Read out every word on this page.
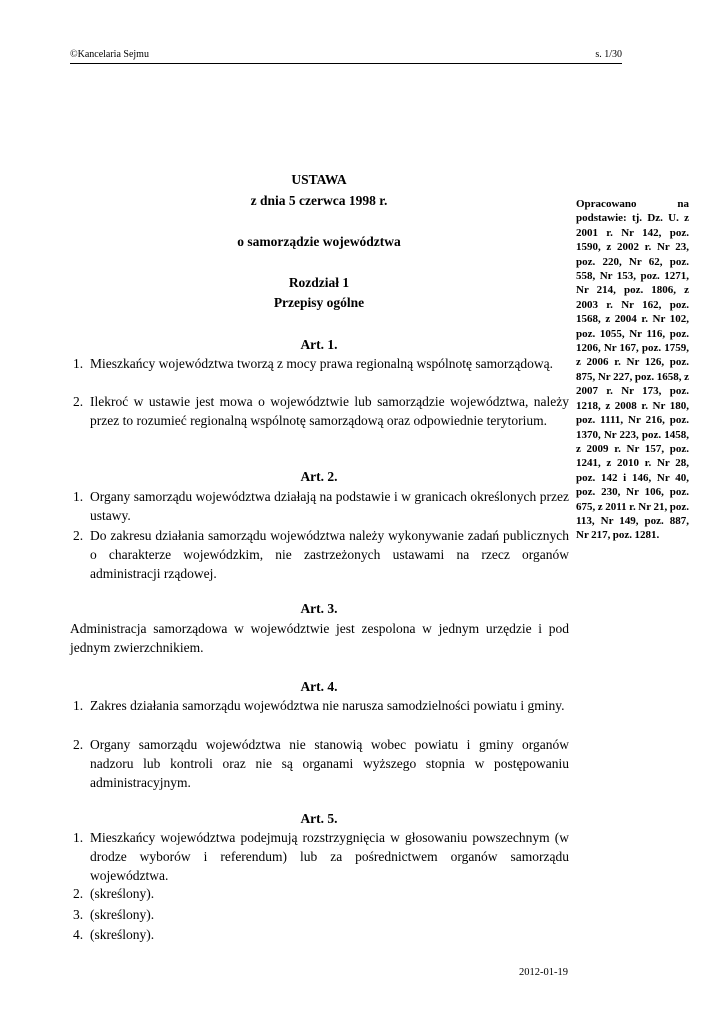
©Kancelaria Sejmu	s. 1/30

USTAWA

z dnia 5 czerwca 1998 r.

o samorządzie województwa

Rozdział 1

Przepisy ogólne

Opracowano na podstawie: tj. Dz. U. z 2001 r. Nr 142, poz. 1590, z 2002 r. Nr 23, poz. 220, Nr 62, poz. 558, Nr 153, poz. 1271, Nr 214, poz. 1806, z 2003 r. Nr 162, poz. 1568, z 2004 r. Nr 102, poz. 1055, Nr 116, poz. 1206, Nr 167, poz. 1759, z 2006 r. Nr 126, poz. 875, Nr 227, poz. 1658, z 2007 r. Nr 173, poz. 1218, z 2008 r. Nr 180, poz. 1111, Nr 216, poz. 1370, Nr 223, poz. 1458, z 2009 r. Nr 157, poz. 1241, z 2010 r. Nr 28, poz. 142 i 146, Nr 40, poz. 230, Nr 106, poz. 675, z 2011 r. Nr 21, poz. 113, Nr 149, poz. 887, Nr 217, poz. 1281.

Art. 1.

1. Mieszkańcy województwa tworzą z mocy prawa regionalną wspólnotę samorządową.
2. Ilekroć w ustawie jest mowa o województwie lub samorządzie województwa, należy przez to rozumieć regionalną wspólnotę samorządową oraz odpowiednie terytorium.

Art. 2.

1. Organy samorządu województwa działają na podstawie i w granicach określonych przez ustawy.
2. Do zakresu działania samorządu województwa należy wykonywanie zadań publicznych o charakterze wojewódzkim, nie zastrzeżonych ustawami na rzecz organów administracji rządowej.

Art. 3.

Administracja samorządowa w województwie jest zespolona w jednym urzędzie i pod jednym zwierzchnikiem.

Art. 4.

1. Zakres działania samorządu województwa nie narusza samodzielności powiatu i gminy.
2. Organy samorządu województwa nie stanowią wobec powiatu i gminy organów nadzoru lub kontroli oraz nie są organami wyższego stopnia w postępowaniu administracyjnym.

Art. 5.

1. Mieszkańcy województwa podejmują rozstrzygnięcia w głosowaniu powszechnym (w drodze wyborów i referendum) lub za pośrednictwem organów samorządu województwa.
2. (skreślony).
3. (skreślony).
4. (skreślony).
2012-01-19
